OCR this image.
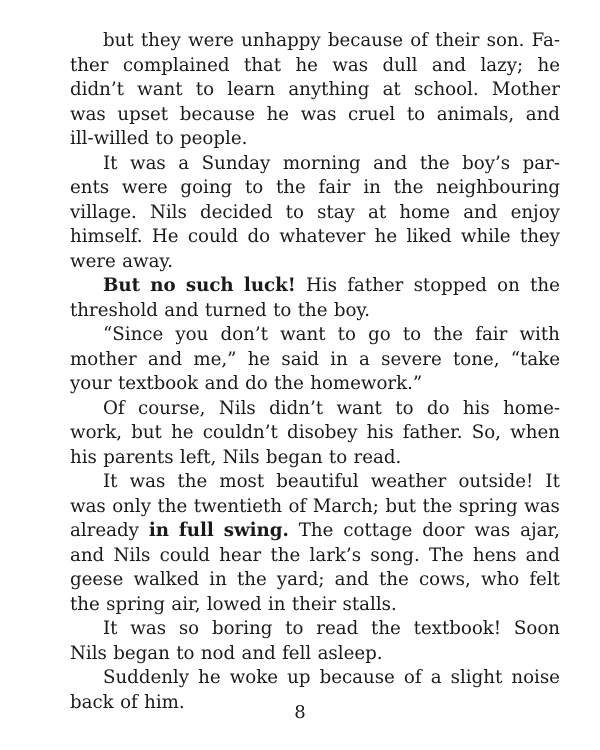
but they were unhappy because of their son. Fa-
ther complained that he was dull and lazy; he
didn’t want to learn anything at school. Mother
was upset because he was cruel to animals, and
ill-willed to people.
It was a Sunday morning and the boy’s par-
ents were going to the fair in the neighbouring
village. Nils decided to stay at home and enjoy
himself. He could do whatever he liked while they
were away.
But no such luck! His father stopped on the
threshold and turned to the boy.
“Since you don’t want to go to the fair with
mother and me,” he said in a severe tone, “take
your textbook and do the homework.”
Of course, Nils didn’t want to do his home-
work, but he couldn’t disobey his father. So, when
his parents left, Nils began to read.
It was the most beautiful weather outside! It
was only the twentieth of March; but the spring was
already in full swing. The cottage door was ajar,
and Nils could hear the lark’s song. The hens and
geese walked in the yard; and the cows, who felt
the spring air, lowed in their stalls.
It was so boring to read the textbook! Soon
Nils began to nod and fell asleep.
Suddenly he woke up because of a slight noise
back of him.	8
